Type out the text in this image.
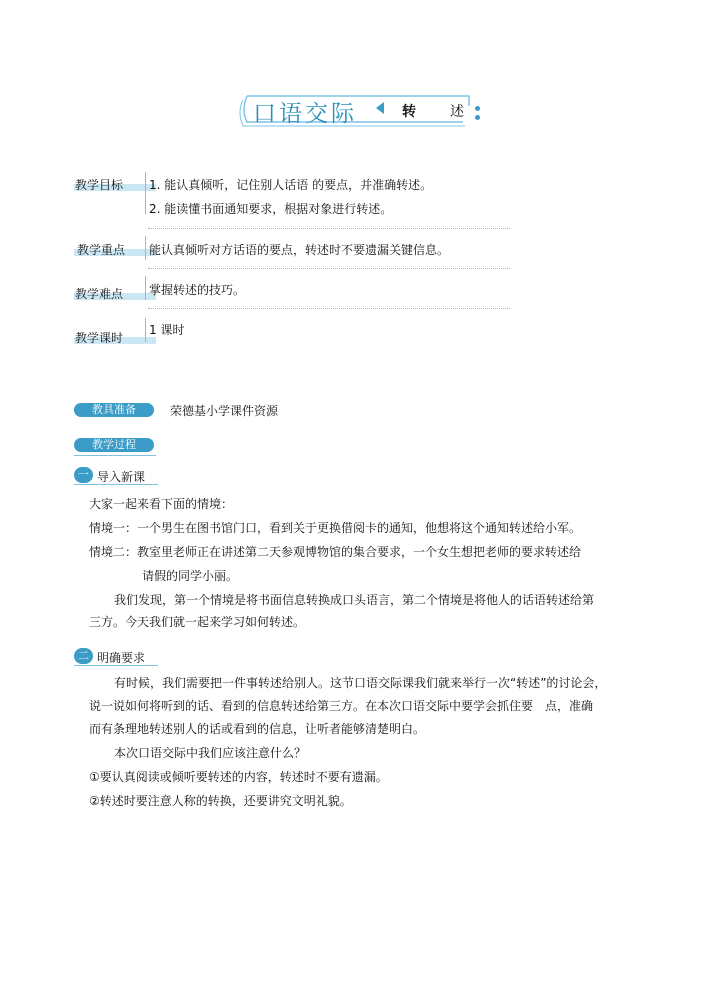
口语交际	转 述
教学目标 1. 能认真倾听，记住别人话语 的要点，并准确转述。
2. 能读懂书面通知要求，根据对象进行转述。
教学重点 能认真倾听对方话语的要点，转述时不要遗漏关键信息。
教学难点 掌握转述的技巧。
教学课时
1 课时
教具准备	荣德基小学课件资源
教学过程
一 导入新课
大家一起来看下面的情境：
情境一：一个男生在图书馆门口，看到关于更换借阅卡的通知，他想将这个通知转述给小军。
情境二：教室里老师正在讲述第二天参观博物馆的集合要求，一个女生想把老师的要求转述给
请假的同学小丽。
我们发现，第一个情境是将书面信息转换成口头语言，第二个情境是将他人的话语转述给第
三方。今天我们就一起来学习如何转述。
二 明确要求
有时候，我们需要把一件事转述给别人。这节口语交际课我们就来举行一次“转述”的讨论会，
说一说如何将听到的话、看到的信息转述给第三方。在本次口语交际中要学会抓住要　点，准确
而有条理地转述别人的话或看到的信息，让听者能够清楚明白。
本次口语交际中我们应该注意什么？
①要认真阅读或倾听要转述的内容，转述时不要有遗漏。
②转述时要注意人称的转换，还要讲究文明礼貌。
